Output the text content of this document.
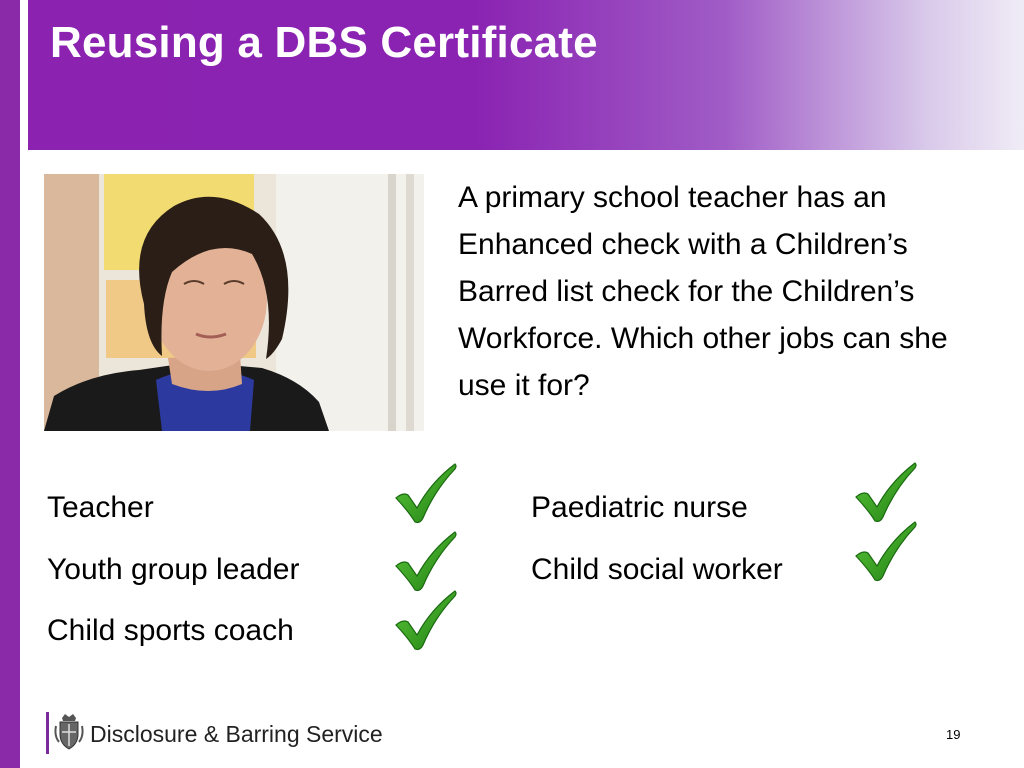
Reusing a DBS Certificate
A primary school teacher has an Enhanced check with a Children’s Barred list check for the Children’s Workforce. Which other jobs can she use it for?
Teacher
Youth group leader
Child sports coach
Paediatric nurse
Child social worker
Disclosure & Barring Service	19
